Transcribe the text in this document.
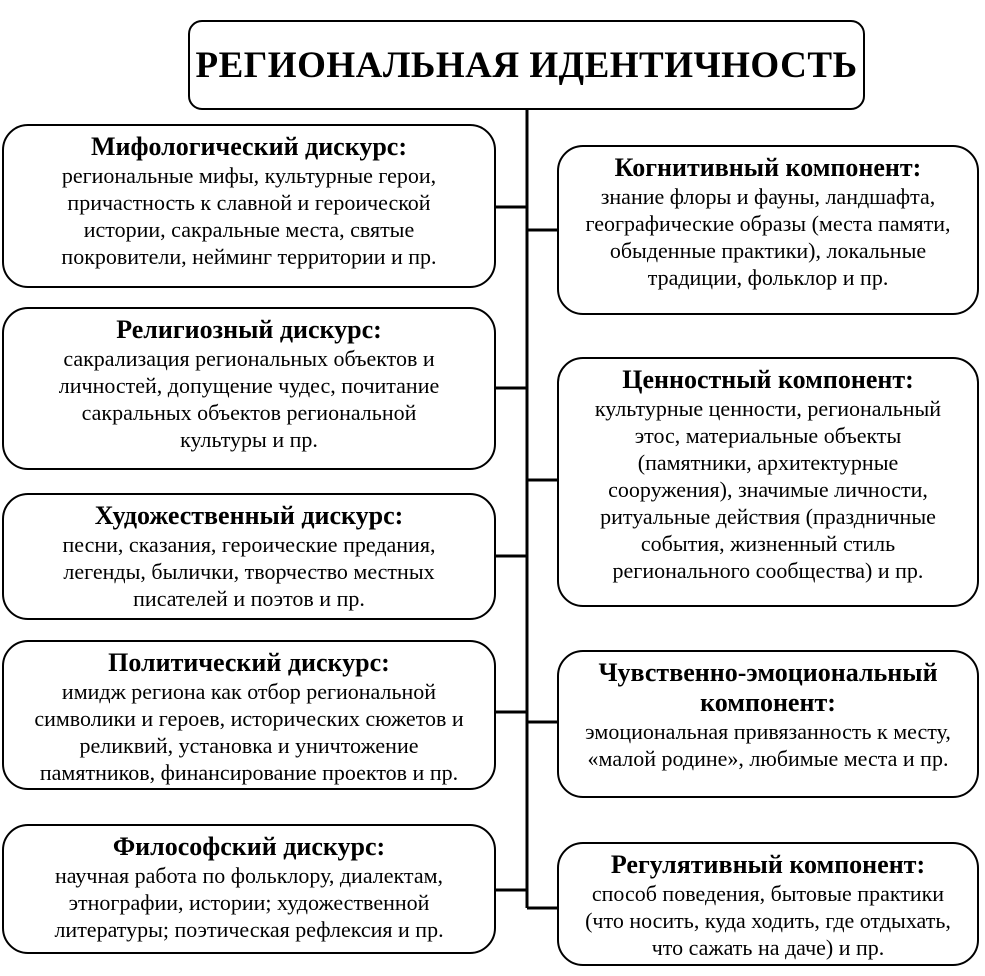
РЕГИОНАЛЬНАЯ ИДЕНТИЧНОСТЬ
Мифологический дискурс:
региональные мифы, культурные герои,
причастность к славной и героической
истории, сакральные места, святые
покровители, нейминг территории и пр.
Религиозный дискурс:
сакрализация региональных объектов и
личностей, допущение чудес, почитание
сакральных объектов региональной
культуры и пр.
Художественный дискурс:
песни, сказания, героические предания,
легенды, былички, творчество местных
писателей и поэтов и пр.
Политический дискурс:
имидж региона как отбор региональной
символики и героев, исторических сюжетов и
реликвий, установка и уничтожение
памятников, финансирование проектов и пр.
Философский дискурс:
научная работа по фольклору, диалектам,
этнографии, истории; художественной
литературы; поэтическая рефлексия и пр.
Когнитивный компонент:
знание флоры и фауны, ландшафта,
географические образы (места памяти,
обыденные практики), локальные
традиции, фольклор и пр.
Ценностный компонент:
культурные ценности, региональный
этос, материальные объекты
(памятники, архитектурные
сооружения), значимые личности,
ритуальные действия (праздничные
события, жизненный стиль
регионального сообщества) и пр.
Чувственно-эмоциональный компонент:
эмоциональная привязанность к месту,
«малой родине», любимые места и пр.
Регулятивный компонент:
способ поведения, бытовые практики
(что носить, куда ходить, где отдыхать,
что сажать на даче) и пр.
